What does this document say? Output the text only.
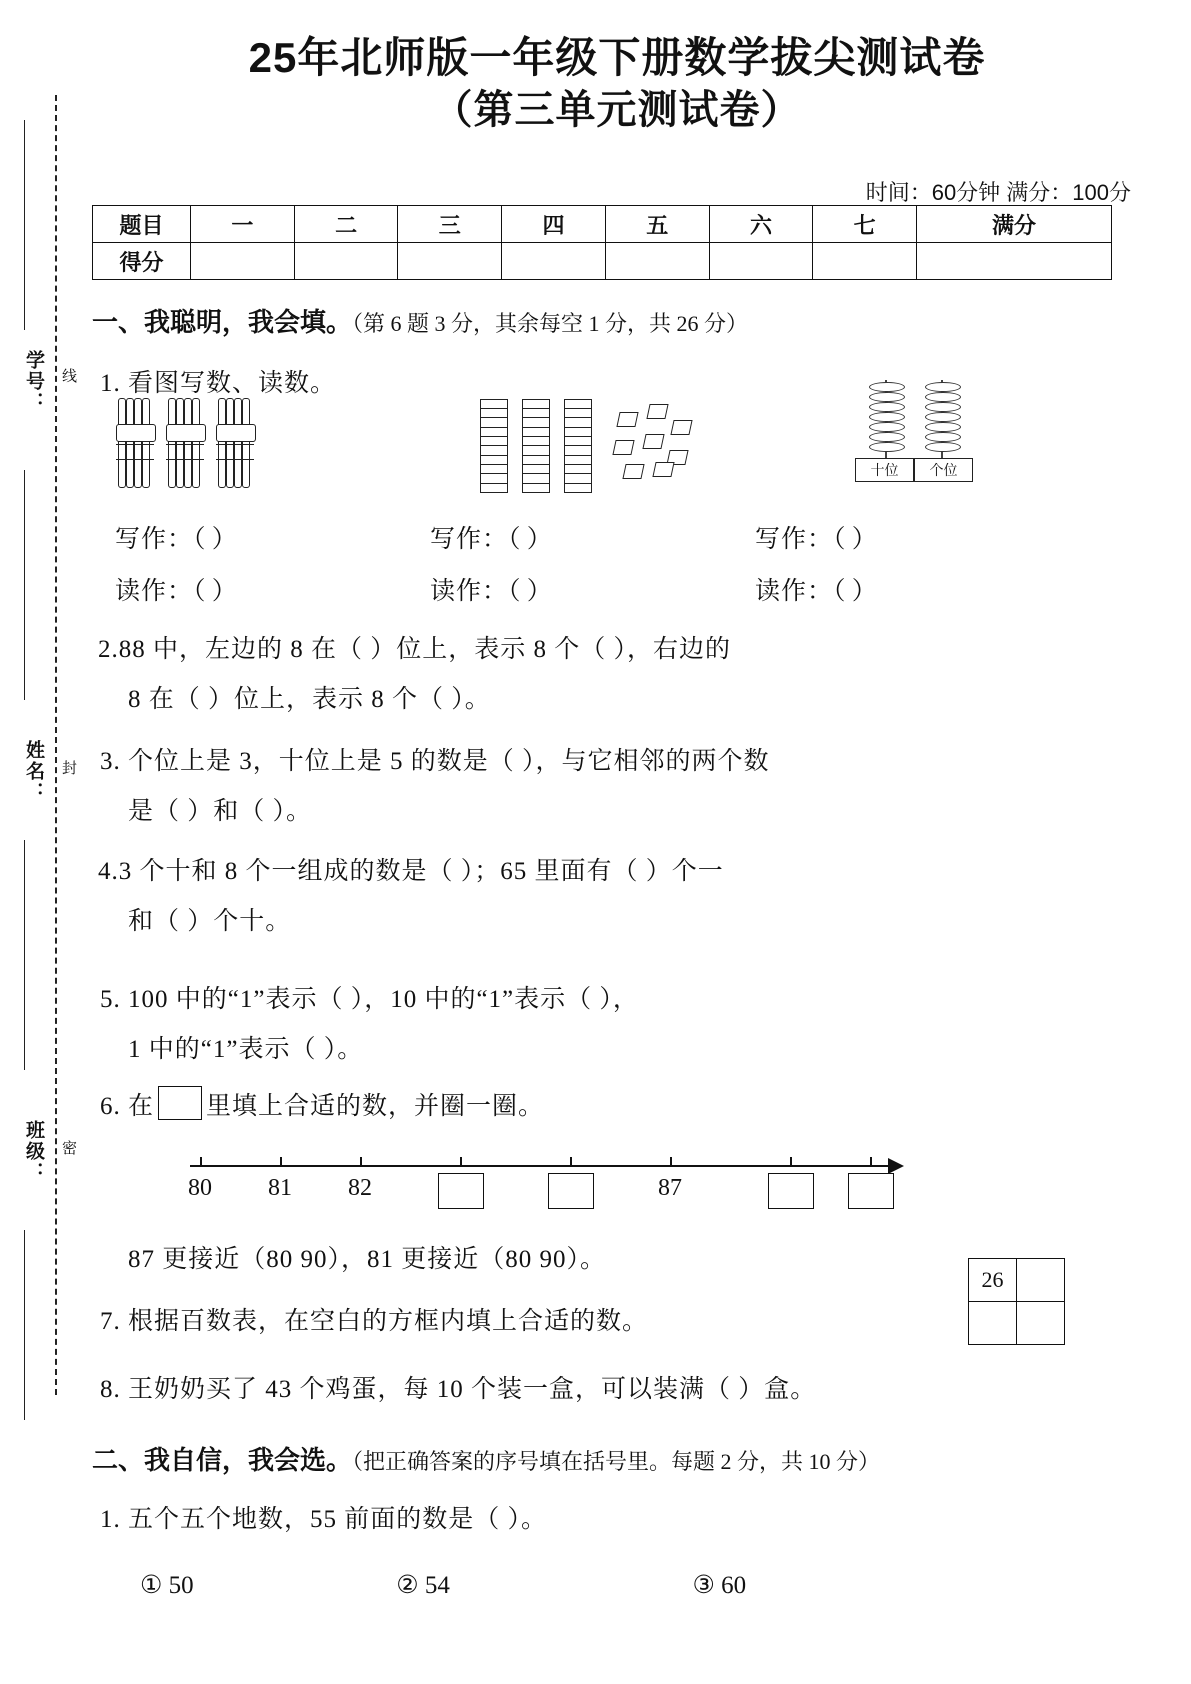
学号： 线
姓名： 封
班级： 密
25年北师版一年级下册数学拔尖测试卷
（第三单元测试卷）
时间：60分钟 满分：100分
题目	一	二	三	四	五	六	七	满分
得分								
一、我聪明，我会填。（第 6 题 3 分，其余每空 1 分，共 26 分）
1. 看图写数、读数。

十位	个位
写作：（ ）	写作：（ ）	写作：（ ）
读作：（ ）	读作：（ ）	读作：（ ）
2.88 中，左边的 8 在（ ）位上，表示 8 个（ ），右边的
8 在（ ）位上，表示 8 个（ ）。
3. 个位上是 3，十位上是 5 的数是（ ），与它相邻的两个数
是（ ）和（ ）。
4.3 个十和 8 个一组成的数是（ ）；65 里面有（ ）个一
和（ ）个十。
5. 100 中的“1”表示（ ），10 中的“1”表示（ ），
1 中的“1”表示（ ）。
6. 在 里填上合适的数，并圈一圈。
80	81	82	87
87 更接近（80 90），81 更接近（80 90）。
7. 根据百数表，在空白的方框内填上合适的数。
26	

8. 王奶奶买了 43 个鸡蛋，每 10 个装一盒，可以装满（ ）盒。
二、我自信，我会选。（把正确答案的序号填在括号里。每题 2 分，共 10 分）
1. 五个五个地数，55 前面的数是（ ）。
① 50	② 54	③ 60
